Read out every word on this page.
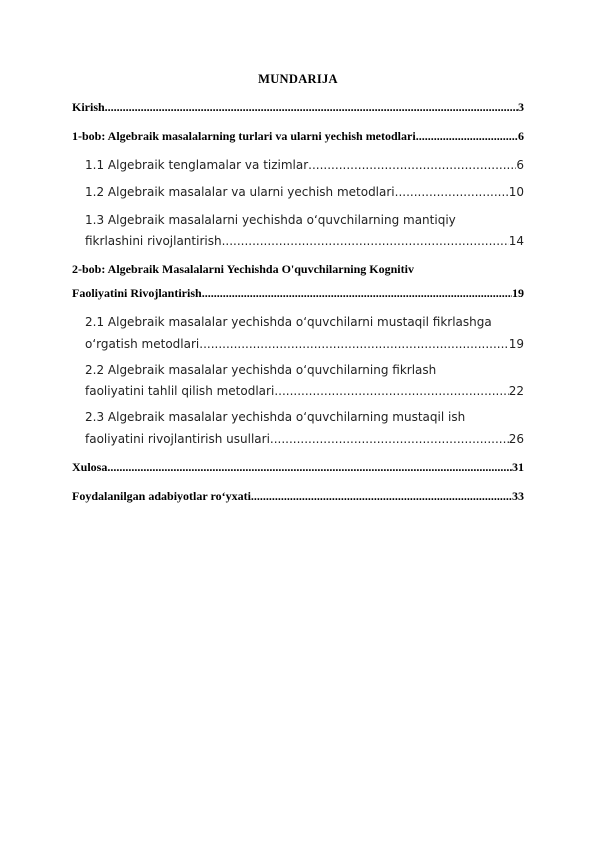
MUNDARIJA
Kirish .....	3
1-bob: Algebraik masalalarning turlari va ularni yechish metodlari .....	6
1.1 Algebraik tenglamalar va tizimlar .....	6
1.2 Algebraik masalalar va ularni yechish metodlari .....	10
1.3 Algebraik masalalarni yechishda o‘quvchilarning mantiqiy
fikrlashini rivojlantirish .....	14
2-bob: Algebraik Masalalarni Yechishda O'quvchilarning Kognitiv
Faoliyatini Rivojlantirish .....	19
2.1 Algebraik masalalar yechishda o‘quvchilarni mustaqil fikrlashga
o‘rgatish metodlari .....	19
2.2 Algebraik masalalar yechishda o‘quvchilarning fikrlash
faoliyatini tahlil qilish metodlari .....	22
2.3 Algebraik masalalar yechishda o‘quvchilarning mustaqil ish
faoliyatini rivojlantirish usullari .....	26
Xulosa .....	31
Foydalanilgan adabiyotlar ro‘yxati .....	33
